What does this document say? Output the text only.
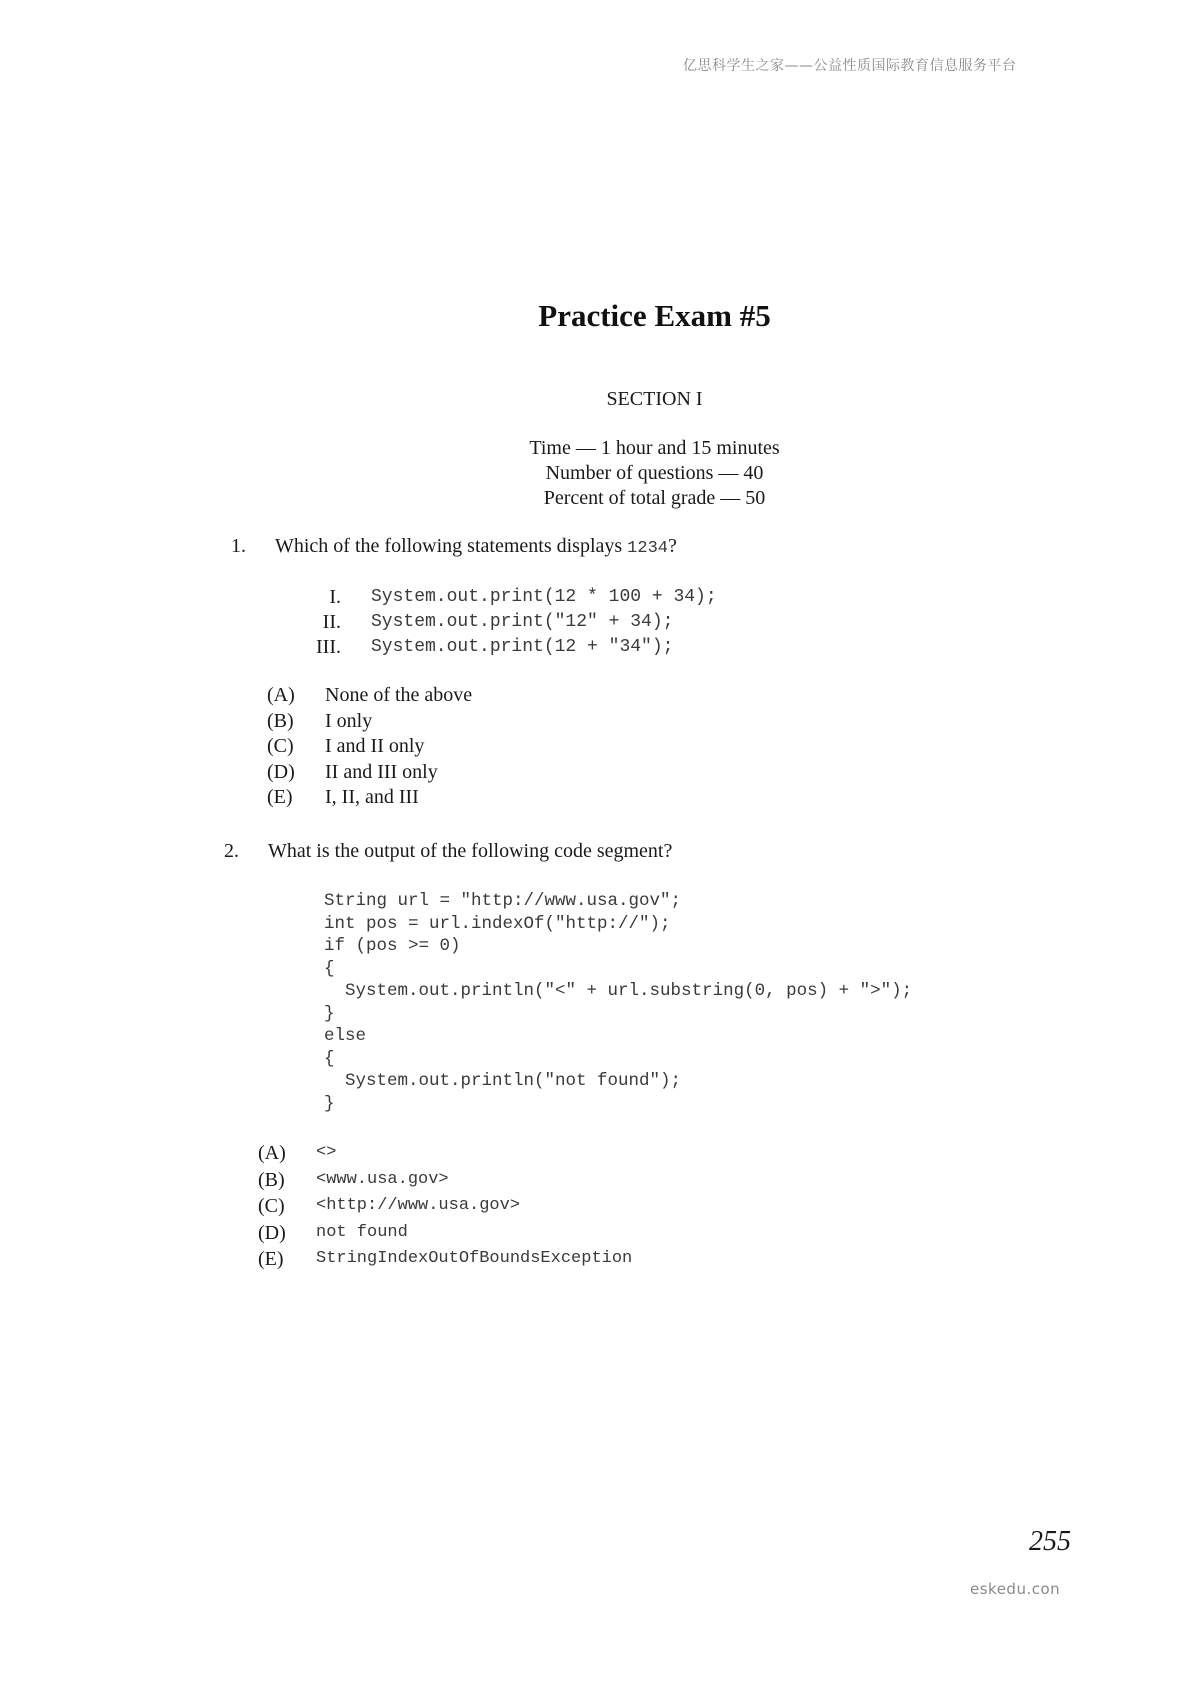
亿思科学生之家——公益性质国际教育信息服务平台
Practice Exam #5
SECTION I
Time — 1 hour and 15 minutes
Number of questions — 40
Percent of total grade — 50
1. Which of the following statements displays 1234?
I. System.out.print(12 * 100 + 34);
II. System.out.print("12" + 34);
III. System.out.print(12 + "34");
(A)	None of the above
(B)	I only
(C)	I and II only
(D)	II and III only
(E)	I, II, and III
2. What is the output of the following code segment?
String url = "http://www.usa.gov";
int pos = url.indexOf("http://");
if (pos >= 0)
{
System.out.println("<" + url.substring(0, pos) + ">");
}
else
{
System.out.println("not found");
}
(A)	<>
(B)	<www.usa.gov>
(C)	<http://www.usa.gov>
(D)	not found
(E)	StringIndexOutOfBoundsException
255
eskedu.con
